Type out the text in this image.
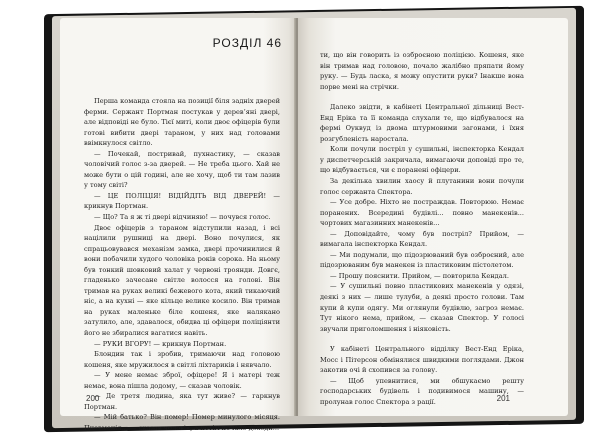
Перша команда стояла на позиції біля задніх дверей ферми. Сержант Портман постукав у дерев’яні двері, але відповіді не було. Тієї миті, коли двоє офіцерів були готові вибити двері тараном, у них над головами ввімкнулося світло.

— Почекай, постривай, пухнастику, — сказав чоловічий голос з-за дверей. — Не треба цього. Хай не може бути о цій годині, але не хочу, щоб ти там лазив у тому світі?

— ЦЕ ПОЛІЦІЯ! ВІДІЙДІТЬ ВІД ДВЕРЕЙ! — крикнув Портман.

— Що? Та я ж ті двері відчиняю! — почувся голос.

Двоє офіцерів з тараном відступили назад, і всі націлили рушниці на двері. Воно почулися, як спрацьовувався механізм замка, двері прочинилися й вони побачили худого чоловіка років сорока. На ньому був тонкий шовковий халат у червоні троянди. Довгє, гладенько зачесане світле волосся на голові. Він тримав на руках великі бежевого кота, який тикаючий ніс, а на кухні — яке кільце велике косило. Він тримав на руках маленьке біле кошеня, яке налякано затулило, але, здавалося, обидва ці офіцери поліціянти його не збиралися вагатися навіть.

— РУКИ ВГОРУ! — крикнув Портман.

Блондин так і зробив, тримаючи над головою кошеня, яке мружилося в світлі ліхтариків і нявчало.

— У мене немає зброї, офіцере! Я і матері теж немає, вона пішла додому, — сказав чоловік.

— Де третя людина, яка тут живе? — гаркнув Портман.

— Мій батько? Він помер! Помер минулого місяця. Пневмонія... — сказав чоловік, а потім почало доходи...

200

ти, що він говорить із озброєною поліцією. Кошеня, яке він тримав над головою, почало жалібно пряпати йому руку. — Будь ласка, я можу опустити руки? Інакше вона порве мені на стрічки.

Далеко звідти, в кабінеті Центральної дільниці Вест-Енд Еріка та її команда слухали те, що відбувалося на фермі Оуквуд із двома штурмовими загонами, і їхня розгубленість наростала.

Коли почули постріл у сушильні, інспекторка Кендал у диспетчерській закричала, вимагаючи доповіді про те, що відбувається, чи є поранені офіцери.

За декілька хвилин хаосу й плутанини вони почули голос сержанта Спектора.

— Усе добре. Ніхто не постраждав. Повторюю. Немає поранених. Всередині будівлі... повно манекенів... чортових магазинних манекенів...

— Доповідайте, чому був постріл? Прийом, — вимагала інспекторка Кендал.

— Ми подумали, що підозрюваний був озброєний, але підозрюваним був манекен із пластиковим пістолетом.

— Прошу пояснити. Прийом, — повторила Кендал.

— У сушильні повно пластикових манекенів у одязі, деякі з них — лише тулуби, а деякі просто голови. Там купи й купи одягу. Ми оглянули будівлю, загроз немає. Тут нікого нема, прийом, — сказав Спектор. У голосі звучали приголомшення і ніяковість.

У кабінеті Центрального відділку Вест-Енд Еріка, Мосс і Пітерсон обмінялися швидкими поглядами. Джон закотив очі й схопився за голову.

— Щоб упевнитися, ми обшукаємо решту господарських будівель і подивимося машину, — пролунав голос Спектора з рації.	201
РОЗДІЛ 46
